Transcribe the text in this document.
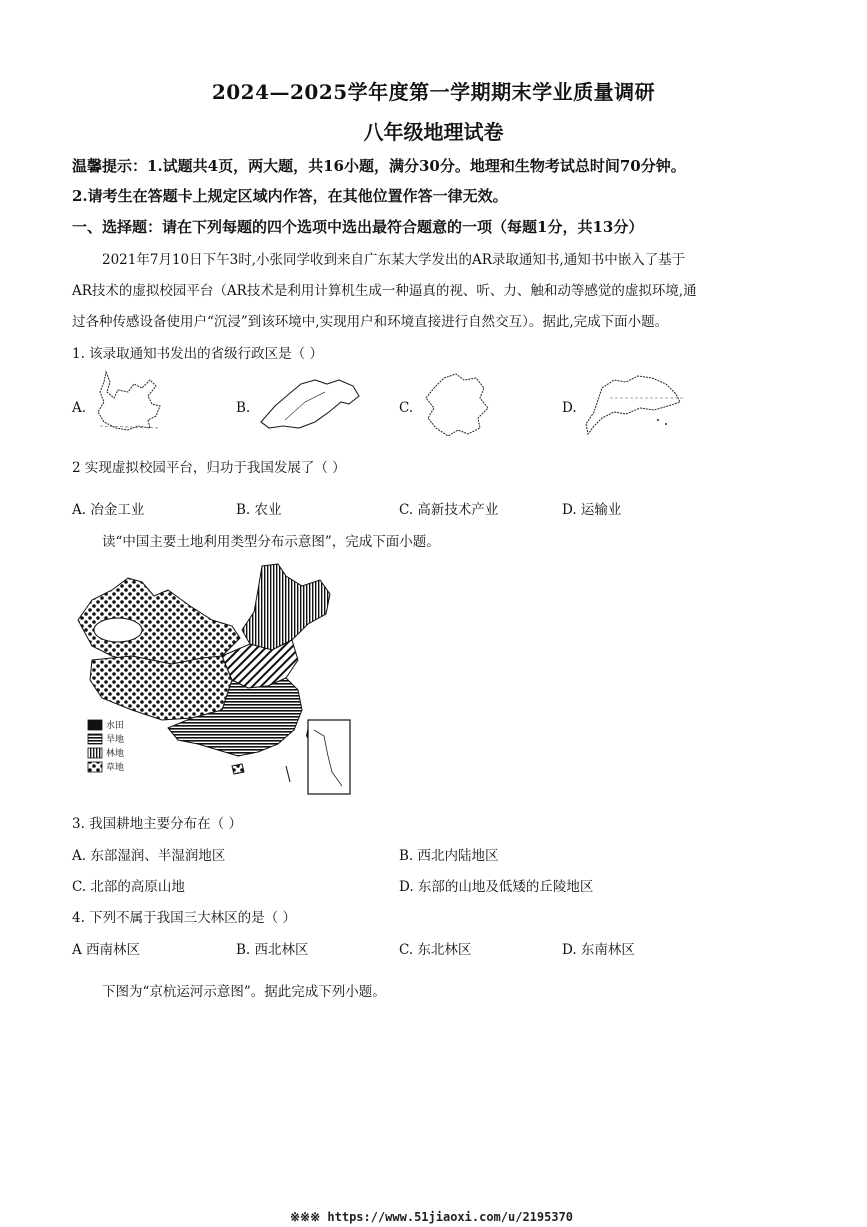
2024—2025学年度第一学期期末学业质量调研
八年级地理试卷
温馨提示：1.试题共4页，两大题，共16小题，满分30分。地理和生物考试总时间70分钟。
2.请考生在答题卡上规定区域内作答，在其他位置作答一律无效。
一、选择题：请在下列每题的四个选项中选出最符合题意的一项（每题1分，共13分）
2021年7月10日下午3时,小张同学收到来自广东某大学发出的AR录取通知书,通知书中嵌入了基于
AR技术的虚拟校园平台（AR技术是利用计算机生成一种逼真的视、听、力、触和动等感觉的虚拟环境,通
过各种传感设备使用户“沉浸”到该环境中,实现用户和环境直接进行自然交互）。据此,完成下面小题。
1. 该录取通知书发出的省级行政区是（ ）
A.	B.	C.	D.
2 实现虚拟校园平台，归功于我国发展了（ ）
A. 冶金工业	B. 农业	C. 高新技术产业	D. 运输业
读“中国主要土地利用类型分布示意图”，完成下面小题。
水田
旱地
林地
草地
3. 我国耕地主要分布在（ ）
A. 东部湿润、半湿润地区	B. 西北内陆地区
C. 北部的高原山地	D. 东部的山地及低矮的丘陵地区
4. 下列不属于我国三大林区的是（ ）
A 西南林区	B. 西北林区	C. 东北林区	D. 东南林区
下图为“京杭运河示意图”。据此完成下列小题。
※※※ https://www.51jiaoxi.com/u/2195370
